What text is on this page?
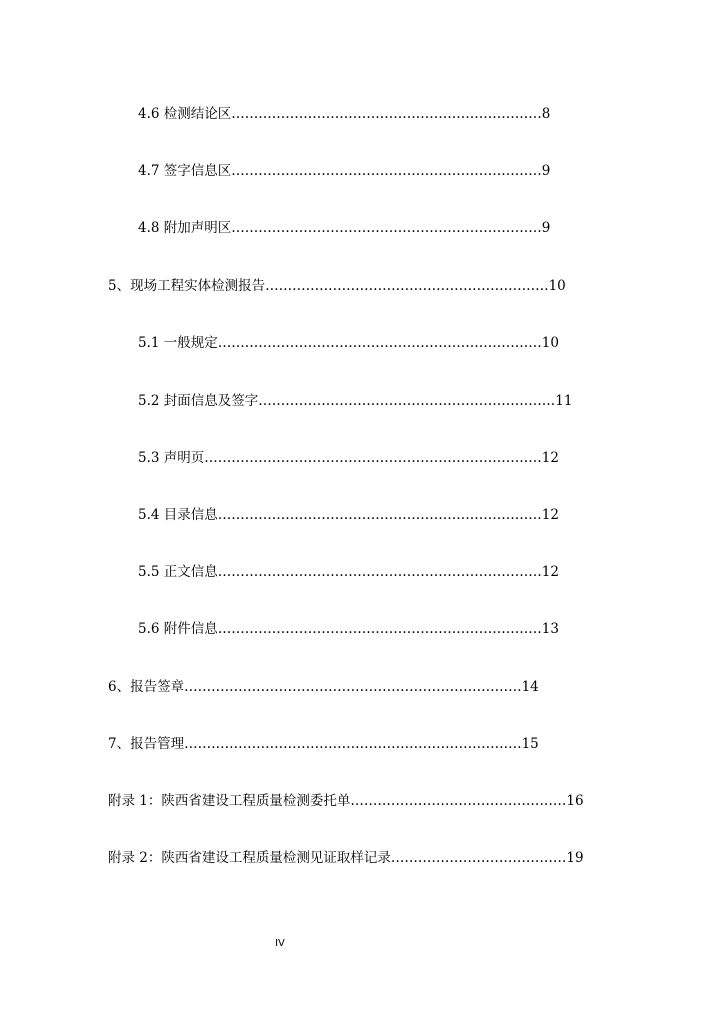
4.6 检测结论区……………………………………………………………8
4.7 签字信息区……………………………………………………………9
4.8 附加声明区……………………………………………………………9
5、现场工程实体检测报告………………………………………………………10
5.1 一般规定………………………………………………………………10
5.2 封面信息及签字…………………………………………………………11
5.3 声明页…………………………………………………………………12
5.4 目录信息………………………………………………………………12
5.5 正文信息………………………………………………………………12
5.6 附件信息………………………………………………………………13
6、报告签章…………………………………………………………………14
7、报告管理…………………………………………………………………15
附录 1：陕西省建设工程质量检测委托单…………………………………………16
附录 2：陕西省建设工程质量检测见证取样记录…………………………………19
IV
